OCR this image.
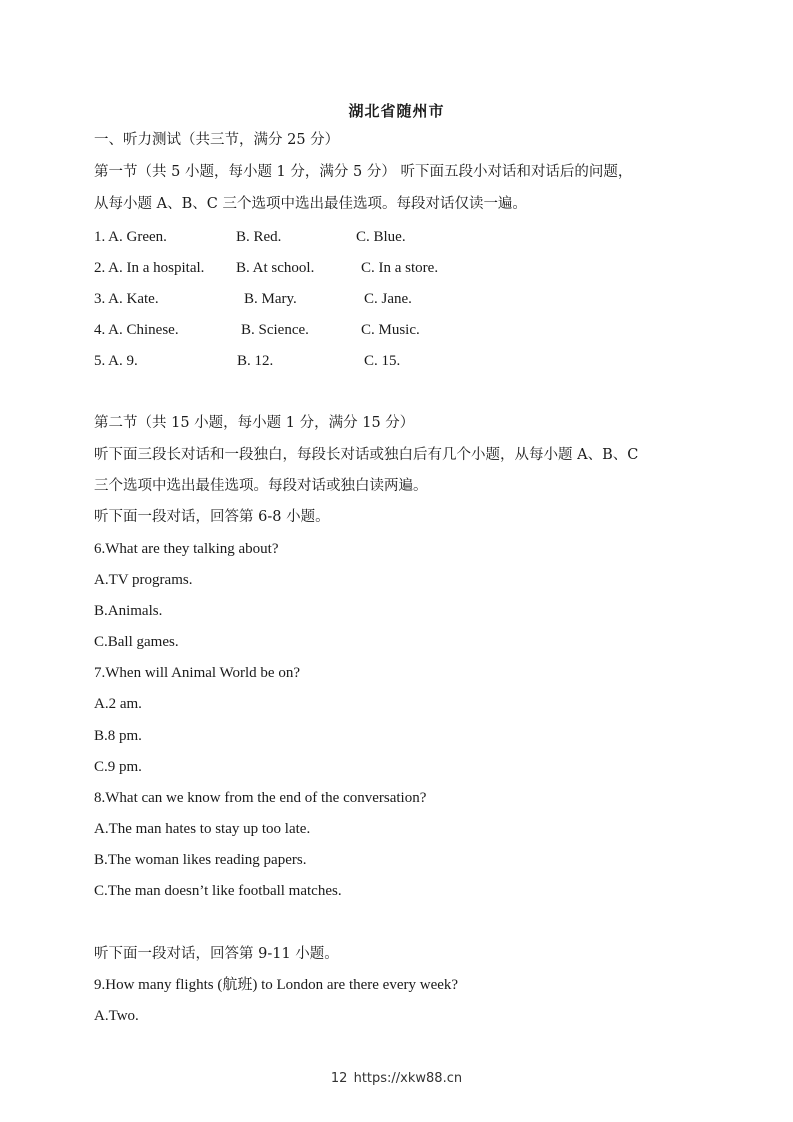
湖北省随州市
一、听力测试（共三节，满分 25 分）
第一节（共 5 小题，每小题 1 分，满分 5 分） 听下面五段小对话和对话后的问题，
从每小题 A、B、C 三个选项中选出最佳选项。每段对话仅读一遍。
1. A. Green.	B. Red.	C. Blue.
2. A. In a hospital. B. At school.	C. In a store.
3. A. Kate.	B. Mary.	C. Jane.
4. A. Chinese.	B. Science.	C. Music.
5. A. 9.	B. 12.	C. 15.
第二节（共 15 小题，每小题 1 分，满分 15 分）
听下面三段长对话和一段独白，每段长对话或独白后有几个小题，从每小题 A、B、C
三个选项中选出最佳选项。每段对话或独白读两遍。
听下面一段对话，回答第 6-8 小题。
6.What are they talking about?
A.TV programs.
B.Animals.
C.Ball games.
7.When will Animal World be on?
A.2 am.
B.8 pm.
C.9 pm.
8.What can we know from the end of the conversation?
A.The man hates to stay up too late.
B.The woman likes reading papers.
C.The man doesn’t like football matches.
听下面一段对话，回答第 9-11 小题。
9.How many flights (航班) to London are there every week?
A.Two.
12 https://xkw88.cn
